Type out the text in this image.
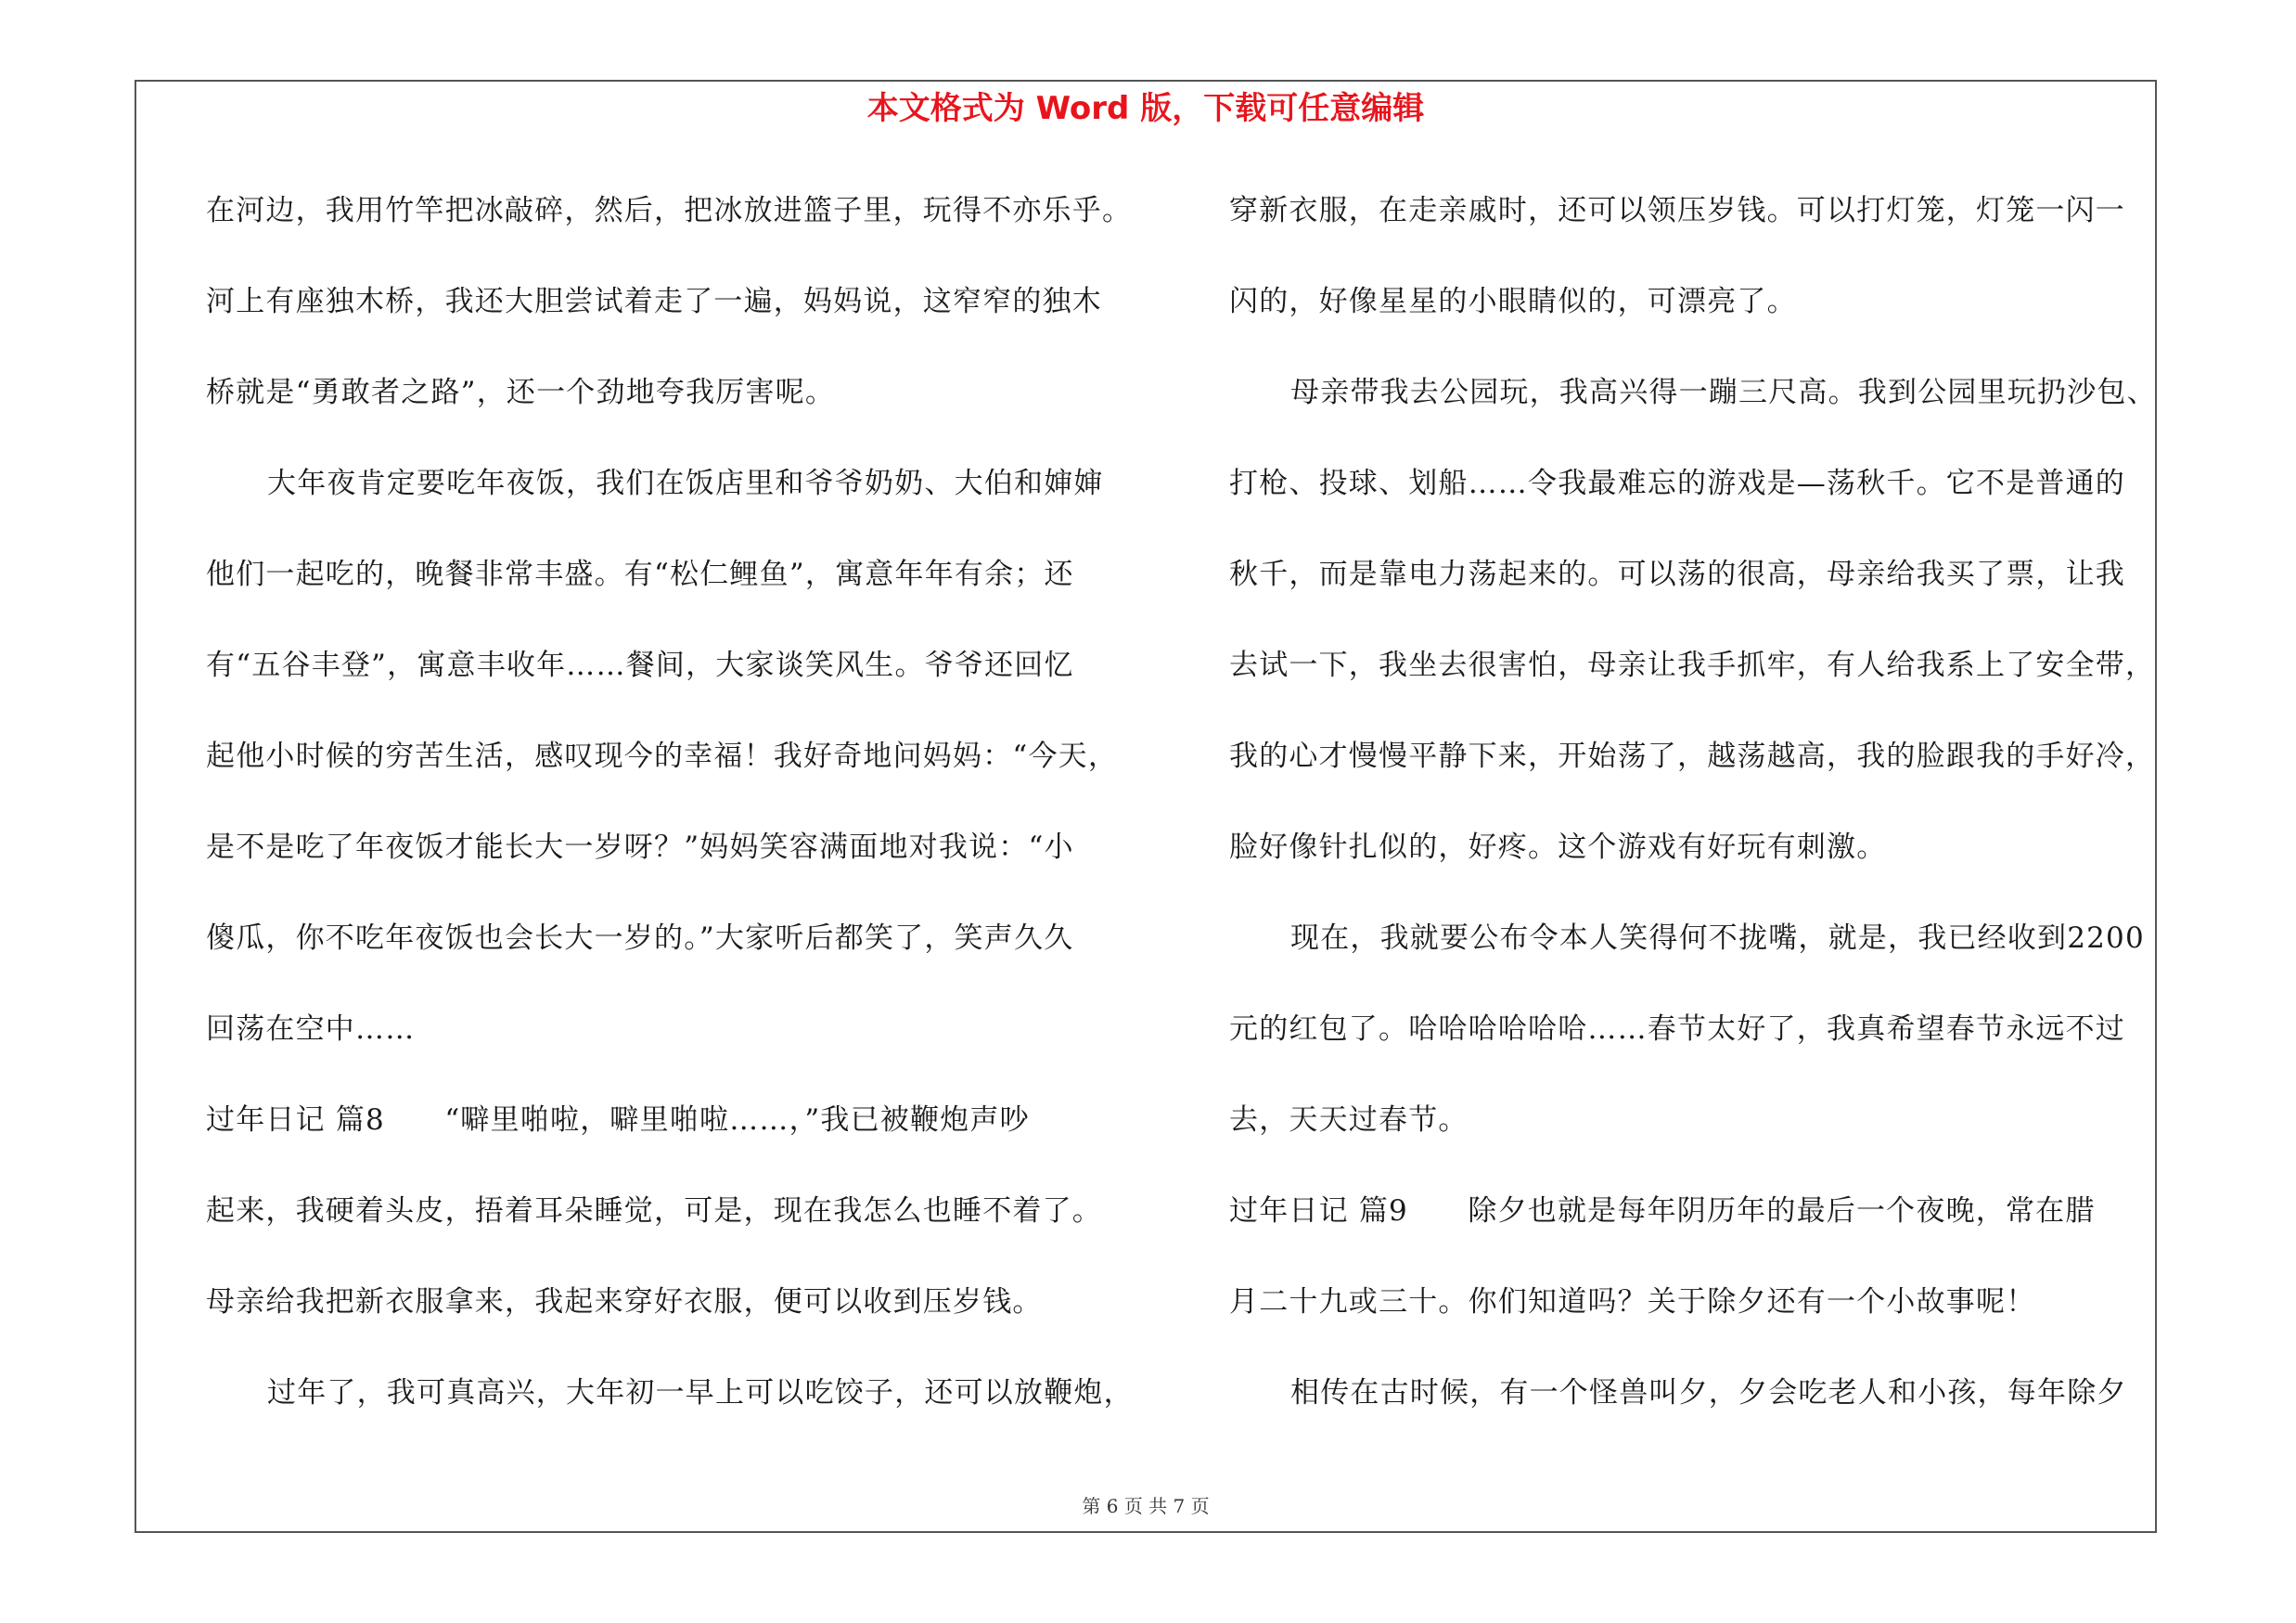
本文格式为 Word 版，下载可任意编辑
在河边，我用竹竿把冰敲碎，然后，把冰放进篮子里，玩得不亦乐乎。
河上有座独木桥，我还大胆尝试着走了一遍，妈妈说，这窄窄的独木
桥就是“勇敢者之路”，还一个劲地夸我厉害呢。
大年夜肯定要吃年夜饭，我们在饭店里和爷爷奶奶、大伯和婶婶
他们一起吃的，晚餐非常丰盛。有“松仁鲤鱼”，寓意年年有余；还
有“五谷丰登”，寓意丰收年……餐间，大家谈笑风生。爷爷还回忆
起他小时候的穷苦生活，感叹现今的幸福！我好奇地问妈妈：“今天，
是不是吃了年夜饭才能长大一岁呀？”妈妈笑容满面地对我说：“小
傻瓜，你不吃年夜饭也会长大一岁的。”大家听后都笑了，笑声久久
回荡在空中……
过年日记 篇8　　“噼里啪啦，噼里啪啦……，”我已被鞭炮声吵
起来，我硬着头皮，捂着耳朵睡觉，可是，现在我怎么也睡不着了。
母亲给我把新衣服拿来，我起来穿好衣服，便可以收到压岁钱。
过年了，我可真高兴，大年初一早上可以吃饺子，还可以放鞭炮，
穿新衣服，在走亲戚时，还可以领压岁钱。可以打灯笼，灯笼一闪一
闪的，好像星星的小眼睛似的，可漂亮了。
母亲带我去公园玩，我高兴得一蹦三尺高。我到公园里玩扔沙包、
打枪、投球、划船……令我最难忘的游戏是—荡秋千。它不是普通的
秋千，而是靠电力荡起来的。可以荡的很高，母亲给我买了票，让我
去试一下，我坐去很害怕，母亲让我手抓牢，有人给我系上了安全带，
我的心才慢慢平静下来，开始荡了，越荡越高，我的脸跟我的手好冷，
脸好像针扎似的，好疼。这个游戏有好玩有刺激。
现在，我就要公布令本人笑得何不拢嘴，就是，我已经收到2200
元的红包了。哈哈哈哈哈哈……春节太好了，我真希望春节永远不过
去，天天过春节。
过年日记 篇9　　除夕也就是每年阴历年的最后一个夜晚，常在腊
月二十九或三十。你们知道吗？关于除夕还有一个小故事呢！
相传在古时候，有一个怪兽叫夕，夕会吃老人和小孩，每年除夕
第 6 页 共 7 页
